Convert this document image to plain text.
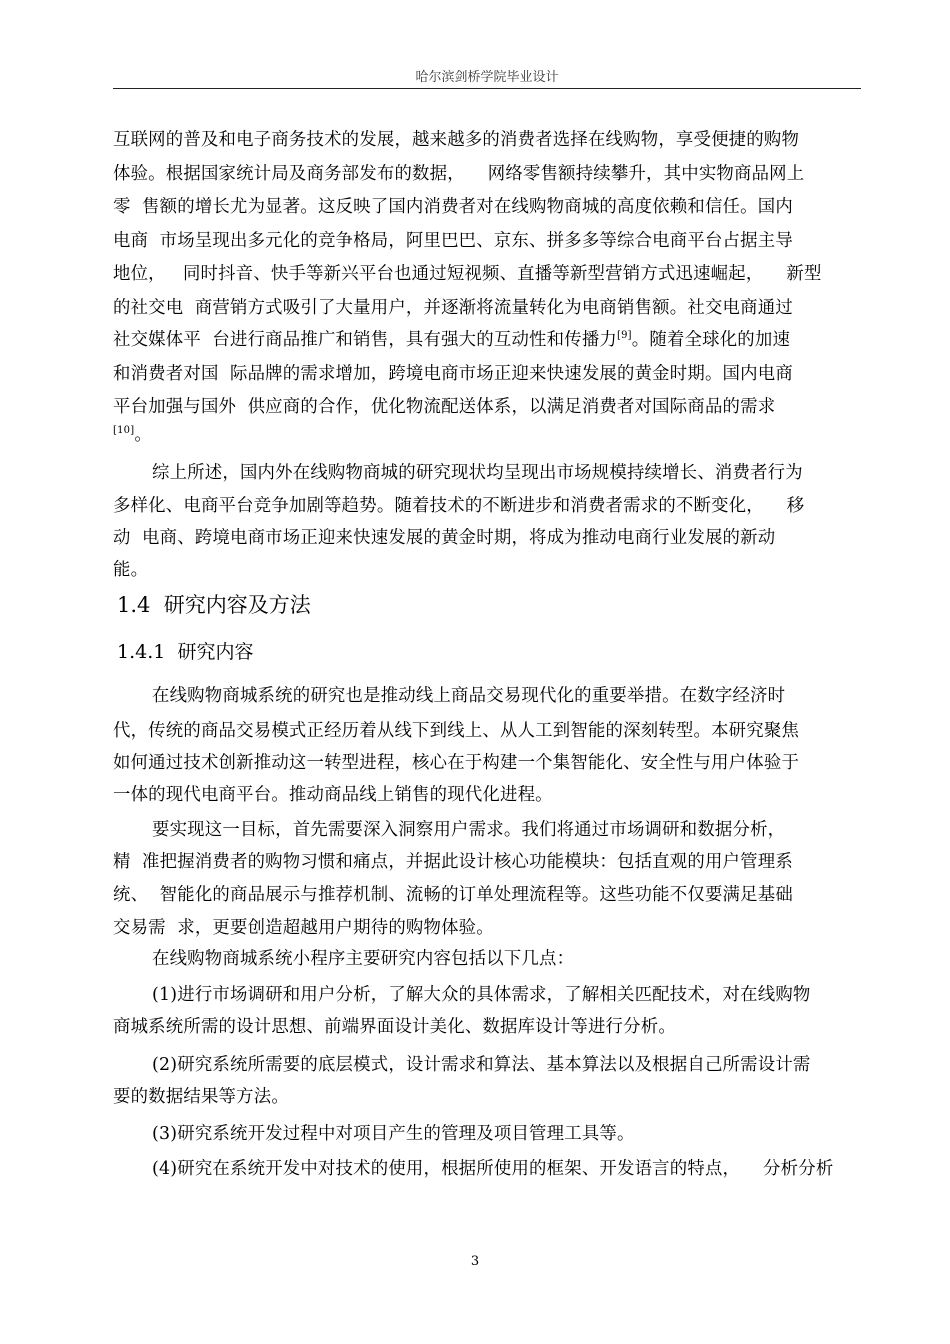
哈尔滨剑桥学院毕业设计
互联网的普及和电子商务技术的发展，越来越多的消费者选择在线购物，享受便捷的购物
体验。根据国家统计局及商务部发布的数据，    网络零售额持续攀升，其中实物商品网上
零  售额的增长尤为显著。这反映了国内消费者对在线购物商城的高度依赖和信任。国内
电商  市场呈现出多元化的竞争格局，阿里巴巴、京东、拼多多等综合电商平台占据主导
地位，   同时抖音、快手等新兴平台也通过短视频、直播等新型营销方式迅速崛起，    新型
的社交电  商营销方式吸引了大量用户，并逐渐将流量转化为电商销售额。社交电商通过
社交媒体平  台进行商品推广和销售，具有强大的互动性和传播力[9]。随着全球化的加速
和消费者对国  际品牌的需求增加，跨境电商市场正迎来快速发展的黄金时期。国内电商
平台加强与国外  供应商的合作，优化物流配送体系，以满足消费者对国际商品的需求
[10]。
综上所述，国内外在线购物商城的研究现状均呈现出市场规模持续增长、消费者行为
多样化、电商平台竞争加剧等趋势。随着技术的不断进步和消费者需求的不断变化，    移
动  电商、跨境电商市场正迎来快速发展的黄金时期，将成为推动电商行业发展的新动
能。
1.4 研究内容及方法
1.4.1 研究内容
在线购物商城系统的研究也是推动线上商品交易现代化的重要举措。在数字经济时
代，传统的商品交易模式正经历着从线下到线上、从人工到智能的深刻转型。本研究聚焦
如何通过技术创新推动这一转型进程，核心在于构建一个集智能化、安全性与用户体验于
一体的现代电商平台。推动商品线上销售的现代化进程。
要实现这一目标，首先需要深入洞察用户需求。我们将通过市场调研和数据分析，
精  准把握消费者的购物习惯和痛点，并据此设计核心功能模块：包括直观的用户管理系
统、  智能化的商品展示与推荐机制、流畅的订单处理流程等。这些功能不仅要满足基础
交易需  求，更要创造超越用户期待的购物体验。
在线购物商城系统小程序主要研究内容包括以下几点：
(1)进行市场调研和用户分析，了解大众的具体需求，了解相关匹配技术，对在线购物
商城系统所需的设计思想、前端界面设计美化、数据库设计等进行分析。
(2)研究系统所需要的底层模式，设计需求和算法、基本算法以及根据自己所需设计需
要的数据结果等方法。
(3)研究系统开发过程中对项目产生的管理及项目管理工具等。
(4)研究在系统开发中对技术的使用，根据所使用的框架、开发语言的特点，    分析分析
3
